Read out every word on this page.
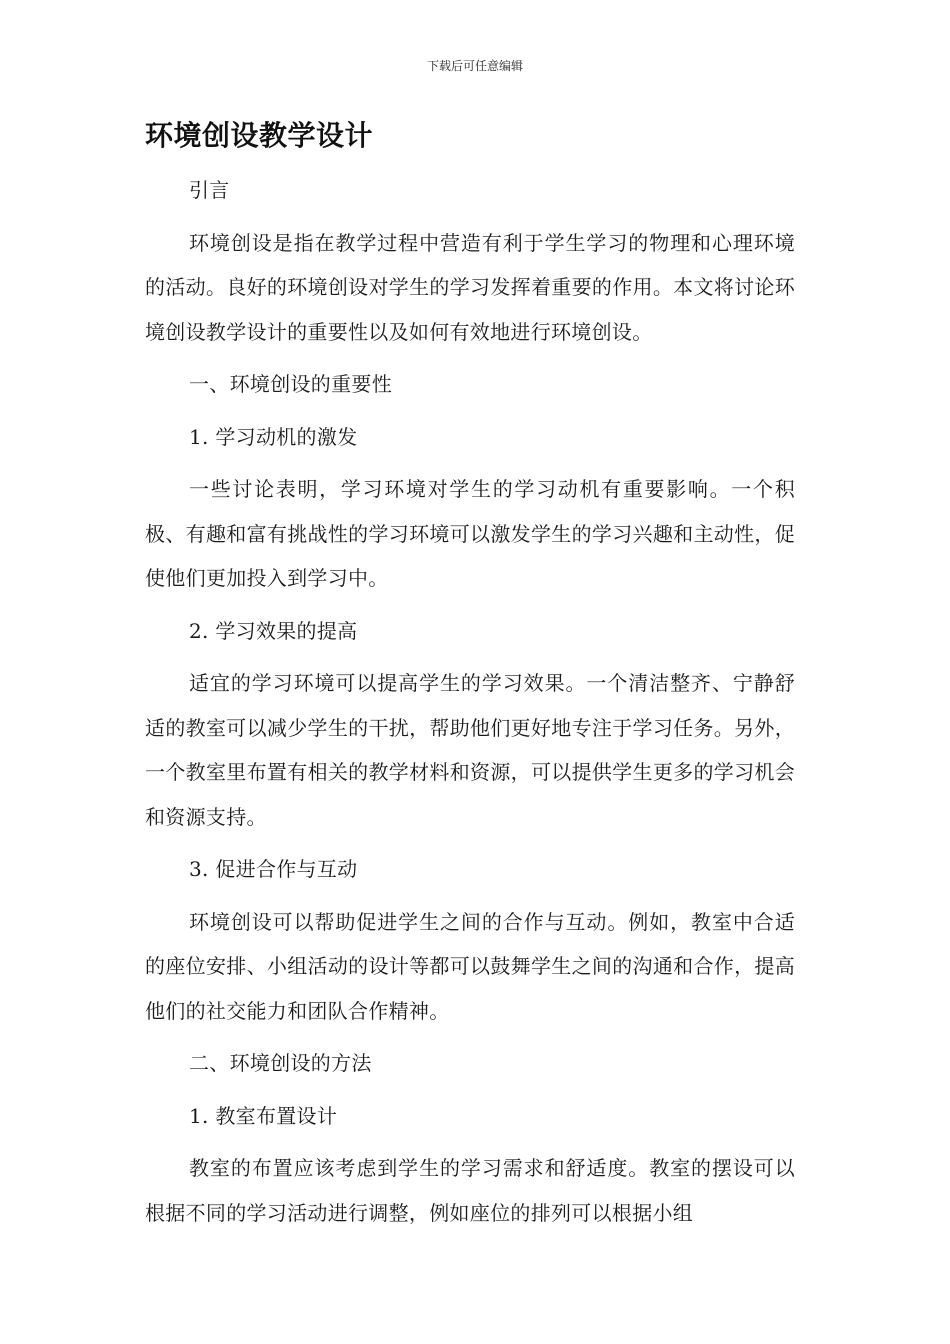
下载后可任意编辑
环境创设教学设计

引言

环境创设是指在教学过程中营造有利于学生学习的物理和心理环境的活动。良好的环境创设对学生的学习发挥着重要的作用。本文将讨论环境创设教学设计的重要性以及如何有效地进行环境创设。

一、环境创设的重要性

1. 学习动机的激发

一些讨论表明，学习环境对学生的学习动机有重要影响。一个积极、有趣和富有挑战性的学习环境可以激发学生的学习兴趣和主动性，促使他们更加投入到学习中。

2. 学习效果的提高

适宜的学习环境可以提高学生的学习效果。一个清洁整齐、宁静舒适的教室可以减少学生的干扰，帮助他们更好地专注于学习任务。另外，一个教室里布置有相关的教学材料和资源，可以提供学生更多的学习机会和资源支持。

3. 促进合作与互动

环境创设可以帮助促进学生之间的合作与互动。例如，教室中合适的座位安排、小组活动的设计等都可以鼓舞学生之间的沟通和合作，提高他们的社交能力和团队合作精神。

二、环境创设的方法

1. 教室布置设计

教室的布置应该考虑到学生的学习需求和舒适度。教室的摆设可以根据不同的学习活动进行调整，例如座位的排列可以根据小组
